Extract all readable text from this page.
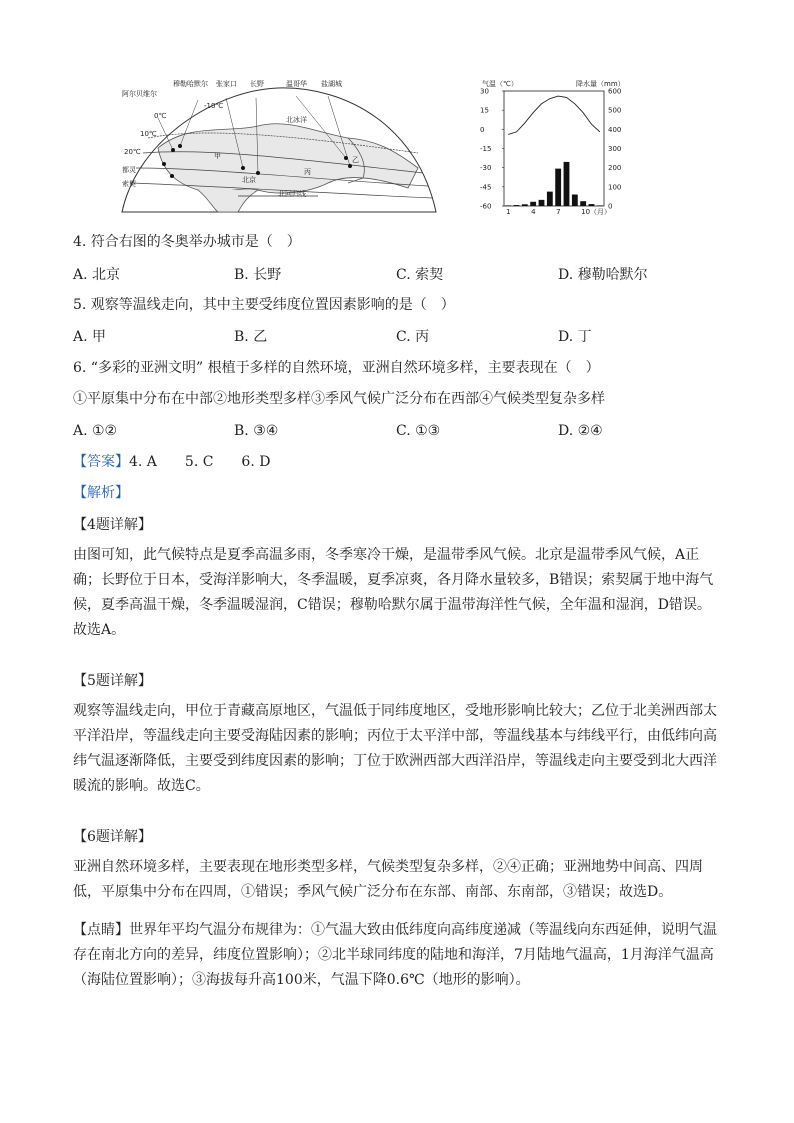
穆勒哈默尔 张家口 长野	温哥华 盐湖城
阿尔贝维尔
北冰洋
都灵
索契	北京
丙
乙
甲
北回归线
-10℃
0℃
10℃
20℃
气温（℃）	降水量（mm）
30
15
0
-15
-30
-45
-60
600
500
400
300
200
100
0
1	4	7	10 （月）
4. 符合右图的冬奥举办城市是（　）
A. 北京	B. 长野	C. 索契	D. 穆勒哈默尔
5. 观察等温线走向，其中主要受纬度位置因素影响的是（　）
A. 甲	B. 乙	C. 丙	D. 丁
6. “多彩的亚洲文明” 根植于多样的自然环境，亚洲自然环境多样，主要表现在（　）
①平原集中分布在中部②地形类型多样③季风气候广泛分布在西部④气候类型复杂多样
A. ①②	B. ③④	C. ①③	D. ②④
【答案】4. A　　5. C　　6. D
【解析】
【4题详解】
由图可知，此气候特点是夏季高温多雨，冬季寒冷干燥，是温带季风气候。北京是温带季风气候，A正确；长野位于日本，受海洋影响大，冬季温暖，夏季凉爽，各月降水量较多，B错误；索契属于地中海气候，夏季高温干燥，冬季温暖湿润，C错误；穆勒哈默尔属于温带海洋性气候，全年温和湿润，D错误。故选A。
【5题详解】
观察等温线走向，甲位于青藏高原地区，气温低于同纬度地区，受地形影响比较大；乙位于北美洲西部太平洋沿岸，等温线走向主要受海陆因素的影响；丙位于太平洋中部，等温线基本与纬线平行，由低纬向高纬气温逐渐降低，主要受到纬度因素的影响；丁位于欧洲西部大西洋沿岸，等温线走向主要受到北大西洋暖流的影响。故选C。
【6题详解】
亚洲自然环境多样，主要表现在地形类型多样，气候类型复杂多样，②④正确；亚洲地势中间高、四周低，平原集中分布在四周，①错误；季风气候广泛分布在东部、南部、东南部，③错误；故选D。
【点睛】世界年平均气温分布规律为：①气温大致由低纬度向高纬度递减（等温线向东西延伸，说明气温存在南北方向的差异，纬度位置影响）；②北半球同纬度的陆地和海洋，7月陆地气温高，1月海洋气温高（海陆位置影响）；③海拔每升高100米，气温下降0.6℃（地形的影响）。
